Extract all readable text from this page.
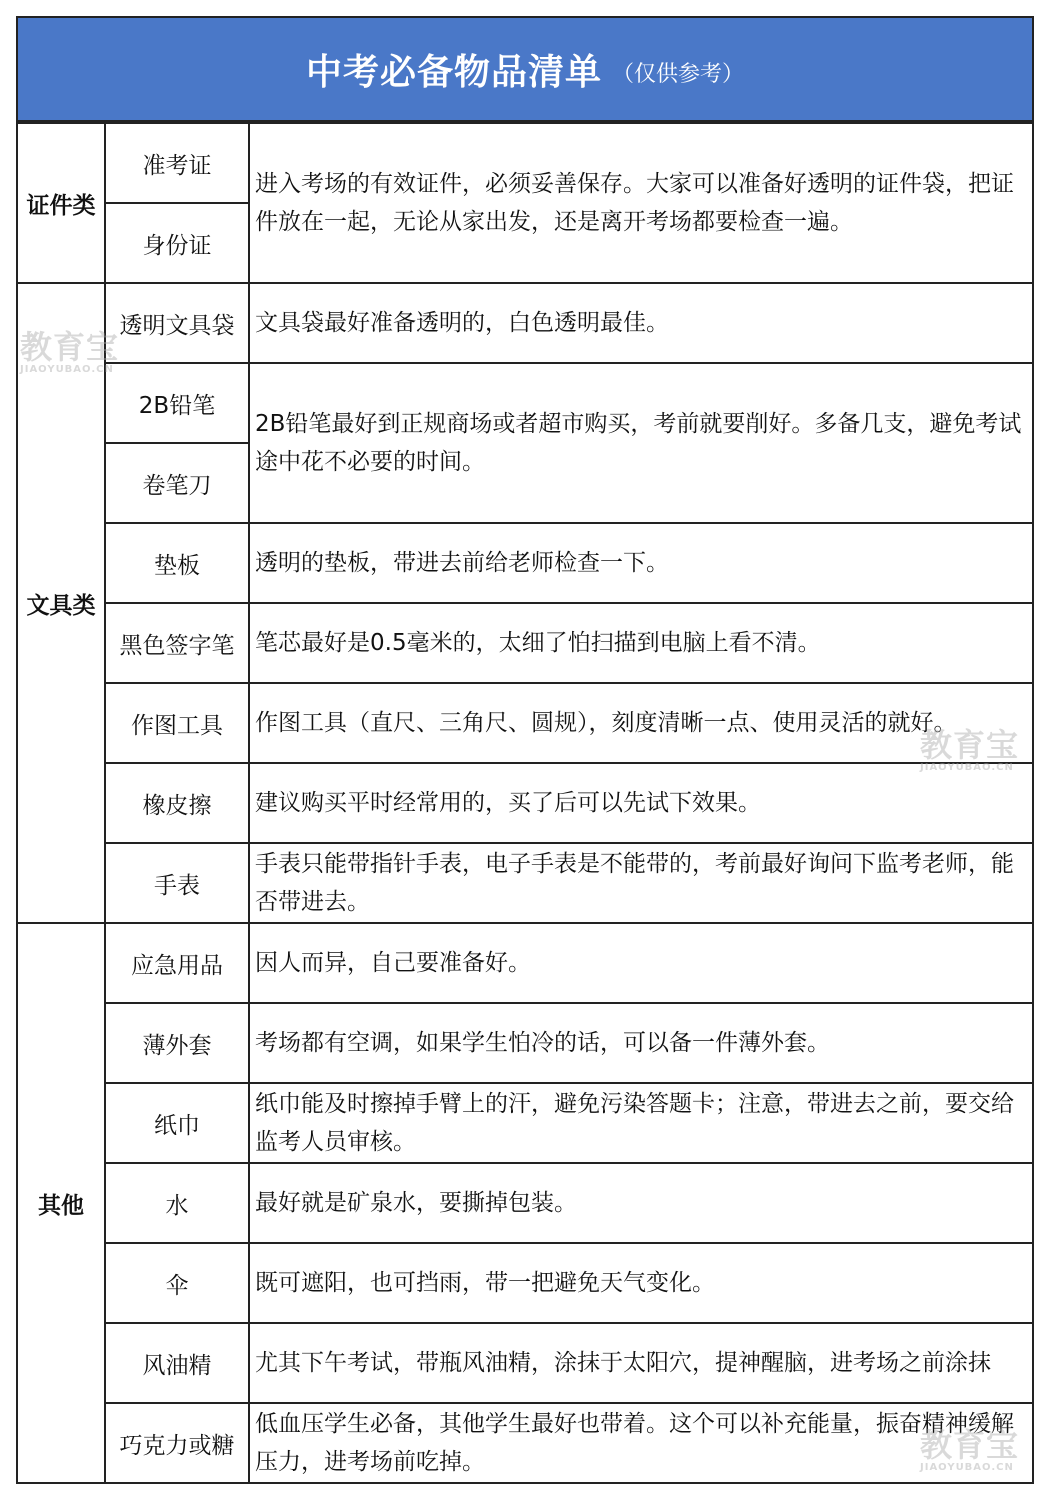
中考必备物品清单 （仅供参考）
证件类	准考证	进入考场的有效证件，必须妥善保存。大家可以准备好透明的证件袋，把证件放在一起，无论从家出发，还是离开考场都要检查一遍。
	身份证	
文具类	透明文具袋	文具袋最好准备透明的，白色透明最佳。
	2B铅笔	2B铅笔最好到正规商场或者超市购买，考前就要削好。多备几支，避免考试途中花不必要的时间。
	卷笔刀	
	垫板	透明的垫板，带进去前给老师检查一下。
	黑色签字笔	笔芯最好是0.5毫米的，太细了怕扫描到电脑上看不清。
	作图工具	作图工具（直尺、三角尺、圆规），刻度清晰一点、使用灵活的就好。
	橡皮擦	建议购买平时经常用的，买了后可以先试下效果。
	手表	手表只能带指针手表，电子手表是不能带的，考前最好询问下监考老师，能否带进去。
其他	应急用品	因人而异，自己要准备好。
	薄外套	考场都有空调，如果学生怕冷的话，可以备一件薄外套。
	纸巾	纸巾能及时擦掉手臂上的汗，避免污染答题卡；注意，带进去之前，要交给监考人员审核。
	水	最好就是矿泉水，要撕掉包装。
	伞	既可遮阳，也可挡雨，带一把避免天气变化。
	风油精	尤其下午考试，带瓶风油精，涂抹于太阳穴，提神醒脑，进考场之前涂抹
	巧克力或糖	低血压学生必备，其他学生最好也带着。这个可以补充能量，振奋精神缓解压力，进考场前吃掉。
教育宝
JIAOYUBAO.CN
教育宝
JIAOYUBAO.CN
教育宝
JIAOYUBAO.CN
